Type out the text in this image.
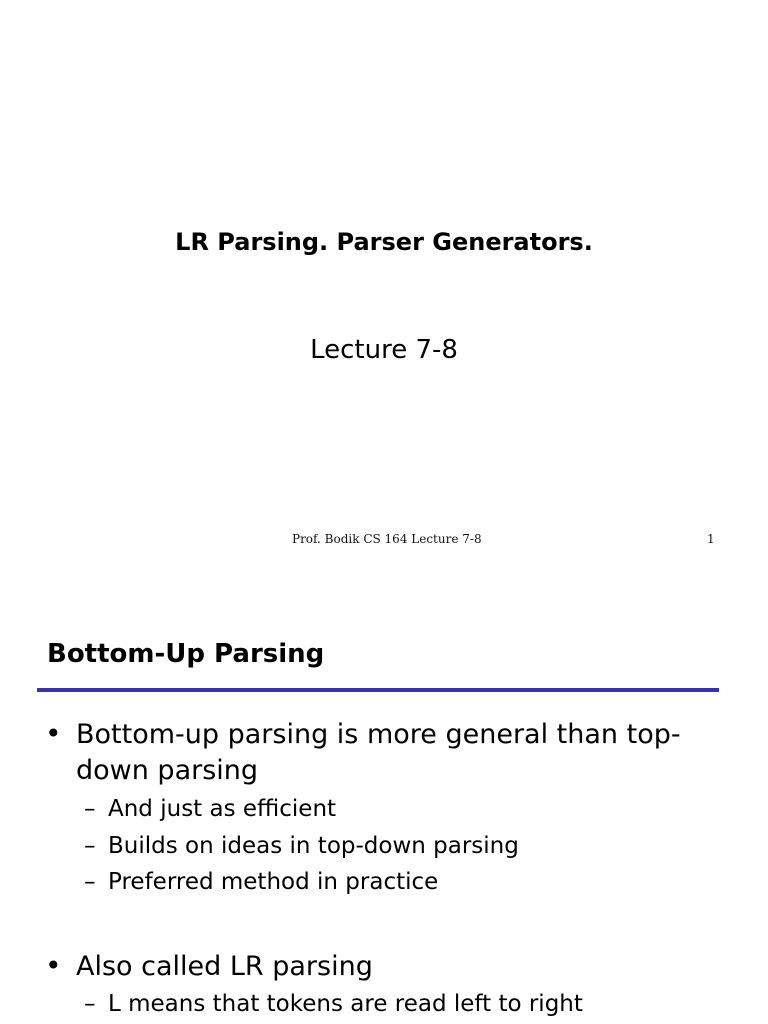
LR Parsing. Parser Generators.
Lecture 7-8
Prof. Bodik CS 164 Lecture 7-8	1
Bottom-Up Parsing
• Bottom-up parsing is more general than top-
down parsing
– And just as efficient
– Builds on ideas in top-down parsing
– Preferred method in practice
• Also called LR parsing
– L means that tokens are read left to right
